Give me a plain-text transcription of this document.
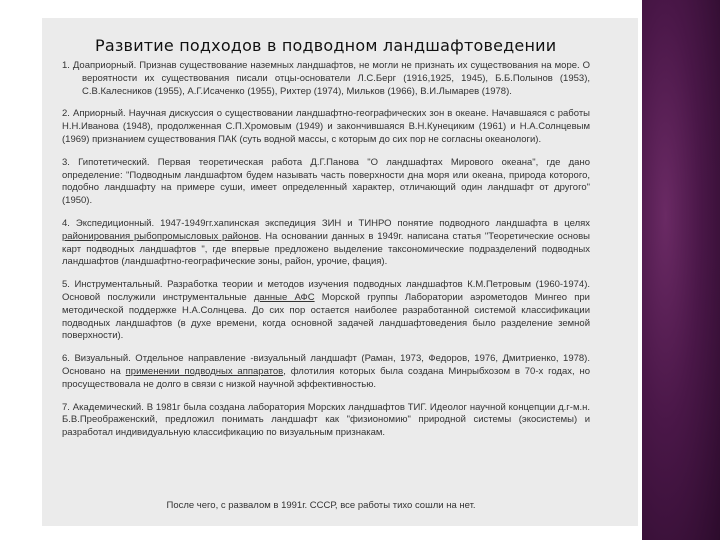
Развитие подходов в подводном ландшафтоведении

1. Доаприорный. Признав существование наземных ландшафтов, не могли не признать их существования на море. О вероятности их существования писали отцы-основатели Л.С.Берг (1916,1925, 1945), Б.Б.Полынов (1953), С.В.Калесников (1955), А.Г.Исаченко (1955), Рихтер (1974), Мильков (1966), В.И.Лымарев (1978).

2. Априорный. Научная дискуссия о существовании ландшафтно-географических зон в океане. Начавшаяся с работы Н.Н.Иванова (1948), продолженная С.П.Хромовым (1949) и закончившаяся В.Н.Кунециким (1961) и Н.А.Солнцевым (1969) признанием существования ПАК (суть водной массы, с которым до сих пор не согласны океанологи).

3. Гипотетический. Первая теоретическая работа Д.Г.Панова "О ландшафтах Мирового океана", где дано определение: "Подводным ландшафтом будем называть часть поверхности дна моря или океана, природа которого, подобно ландшафту на примере суши, имеет определенный характер, отличающий один ландшафт от другого" (1950).

4. Экспедиционный. 1947-1949гг.хапинская экспедиция ЗИН и ТИНРО понятие подводного ландшафта в целях районирования рыбопромысловых районов. На основании данных в 1949г. написана статья "Теоретические основы карт подводных ландшафтов ", где впервые предложено выделение таксономические подразделений подводных ландшафтов (ландшафтно-географические зоны, район, урочие, фация).

5. Инструментальный. Разработка теории и методов изучения подводных ландшафтов К.М.Петровым (1960-1974). Основой послужили инструментальные данные АФС Морской группы Лаборатории аэрометодов Мингео при методической поддержке Н.А.Солнцева. До сих пор остается наиболее разработанной системой классификации подводных ландшафтов (в духе времени, когда основной задачей ландшафтоведения было разделение земной поверхности).

6. Визуальный. Отдельное направление -визуальный ландшафт (Раман, 1973, Федоров, 1976, Дмитриенко, 1978). Основано на применении подводных аппаратов, флотилия которых была создана Минрыбхозом в 70-х годах, но просуществовала не долго в связи с низкой научной эффективностью.

7. Академический. В 1981г была создана лаборатория Морских ландшафтов ТИГ. Идеолог научной концепции д.г-м.н. Б.В.Преображенский, предложил понимать ландшафт как "физиономию" природной системы (экосистемы) и разработал индивидуальную классификацию по визуальным признакам.

После чего, с развалом в 1991г. СССР, все работы тихо сошли на нет.
